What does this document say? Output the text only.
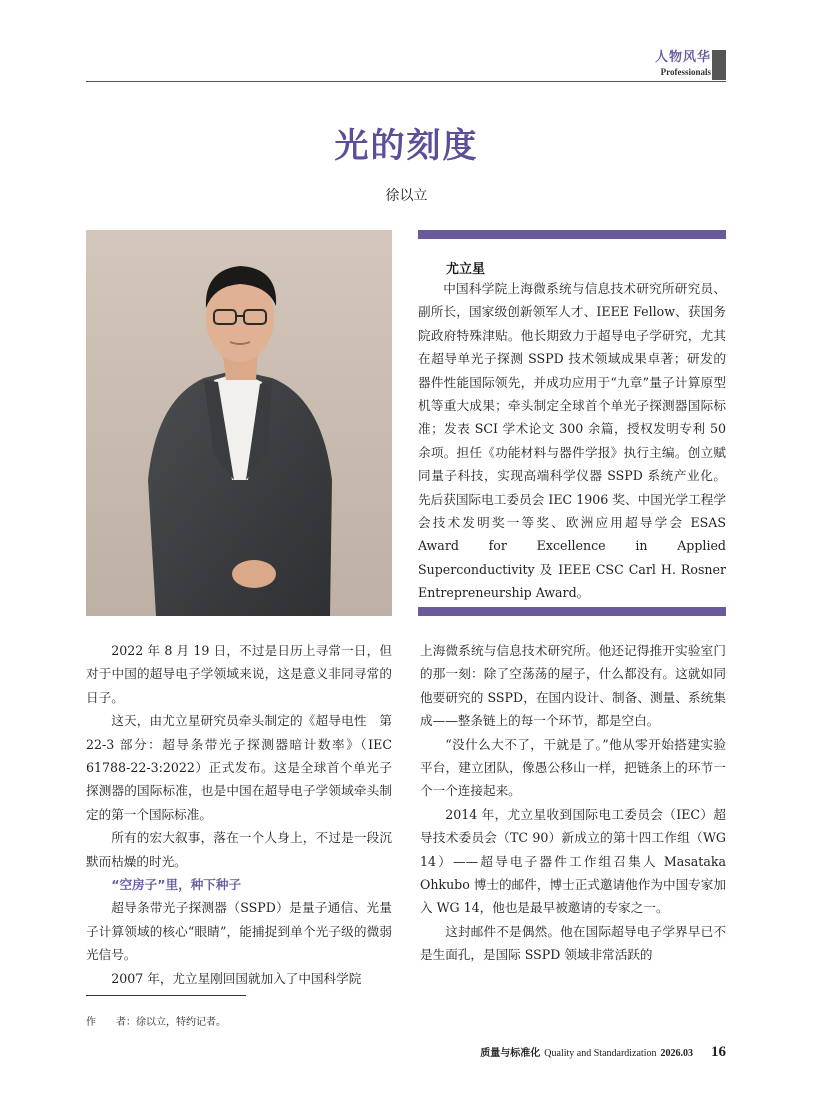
人物风华
Professionals
光的刻度
徐以立
尤立星

中国科学院上海微系统与信息技术研究所研究员、副所长，国家级创新领军人才、IEEE Fellow、获国务院政府特殊津贴。他长期致力于超导电子学研究，尤其在超导单光子探测 SSPD 技术领域成果卓著；研发的器件性能国际领先，并成功应用于“九章”量子计算原型机等重大成果；牵头制定全球首个单光子探测器国际标准；发表 SCI 学术论文 300 余篇，授权发明专利 50 余项。担任《功能材料与器件学报》执行主编。创立赋同量子科技，实现高端科学仪器 SSPD 系统产业化。先后获国际电工委员会 IEC 1906 奖、中国光学工程学会技术发明奖一等奖、欧洲应用超导学会 ESAS Award for Excellence in Applied Superconductivity 及 IEEE CSC Carl H. Rosner Entrepreneurship Award。

2022 年 8 月 19 日，不过是日历上寻常一日，但对于中国的超导电子学领域来说，这是意义非同寻常的日子。

这天，由尤立星研究员牵头制定的《超导电性　第22-3 部分：超导条带光子探测器暗计数率》（IEC 61788-22-3:2022）正式发布。这是全球首个单光子探测器的国际标准，也是中国在超导电子学领域牵头制定的第一个国际标准。

所有的宏大叙事，落在一个人身上，不过是一段沉默而枯燥的时光。

“空房子”里，种下种子

超导条带光子探测器（SSPD）是量子通信、光量子计算领域的核心“眼睛”，能捕捉到单个光子级的微弱光信号。

2007 年，尤立星刚回国就加入了中国科学院

上海微系统与信息技术研究所。他还记得推开实验室门的那一刻：除了空荡荡的屋子，什么都没有。这就如同他要研究的 SSPD，在国内设计、制备、测量、系统集成——整条链上的每一个环节，都是空白。

“没什么大不了，干就是了。”他从零开始搭建实验平台，建立团队，像愚公移山一样，把链条上的环节一个一个连接起来。

2014 年，尤立星收到国际电工委员会（IEC）超导技术委员会（TC 90）新成立的第十四工作组（WG 14）——超导电子器件工作组召集人 Masataka Ohkubo 博士的邮件，博士正式邀请他作为中国专家加入 WG 14，他也是最早被邀请的专家之一。

这封邮件不是偶然。他在国际超导电子学界早已不是生面孔，是国际 SSPD 领域非常活跃的

作　　者：徐以立，特约记者。
质量与标准化 Quality and Standardization 2026.03 16
